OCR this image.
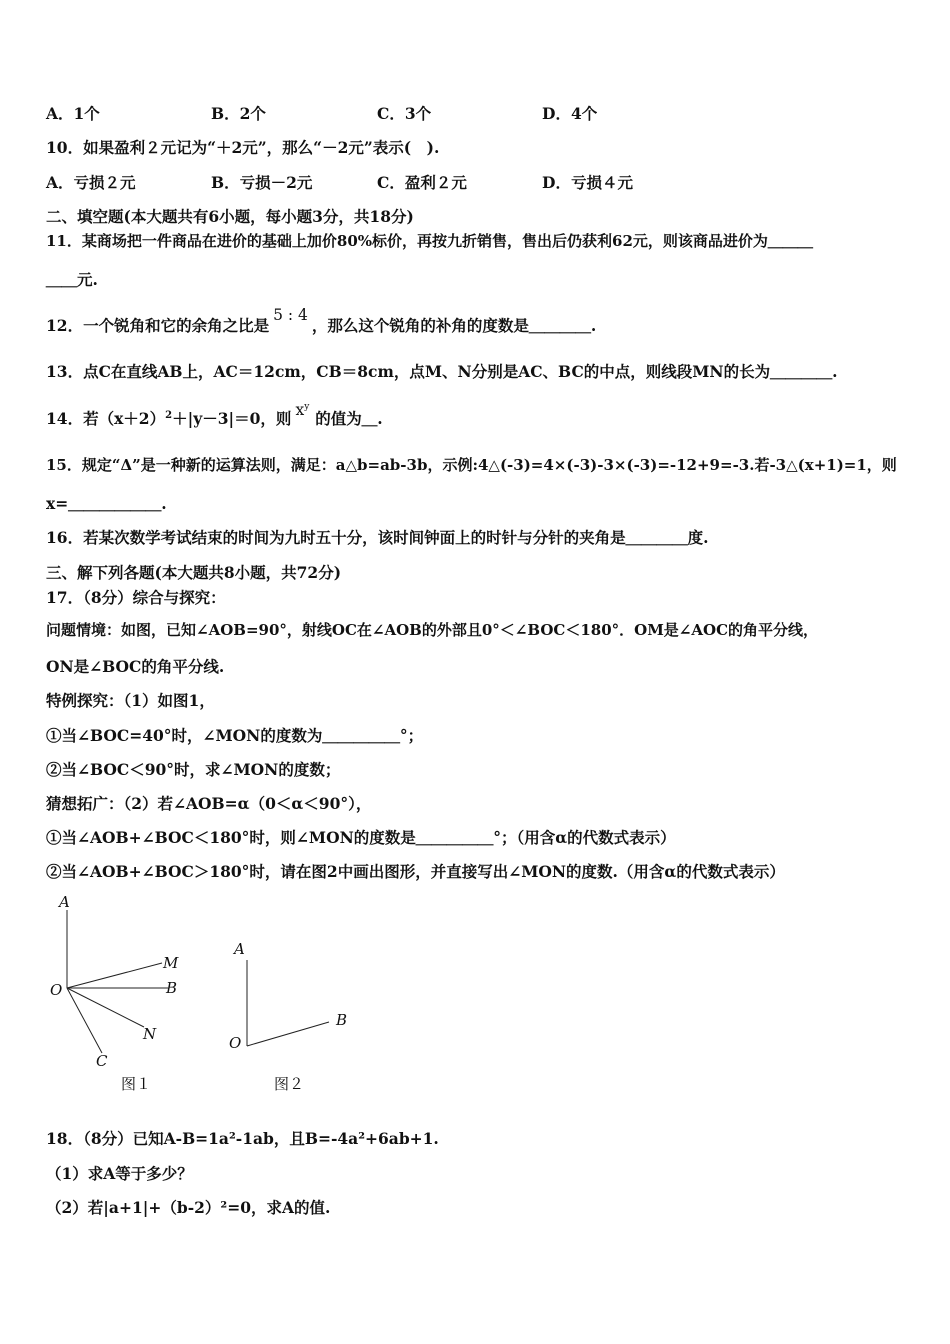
A．1个	B．2个	C．3个	D．4个
10．如果盈利２元记为“＋2元”，那么“－2元”表示(　).
A．亏损２元	B．亏损－2元	C．盈利２元	D．亏损４元
二、填空题(本大题共有6小题，每小题3分，共18分)
11．某商场把一件商品在进价的基础上加价80%标价，再按九折销售，售出后仍获利62元，则该商品进价为＿＿＿
＿＿元.
12．一个锐角和它的余角之比是5 : 4，那么这个锐角的补角的度数是＿＿＿＿.
13．点C在直线AB上，AC＝12cm，CB＝8cm，点M、N分别是AC、BC的中点，则线段MN的长为＿＿＿＿.
14．若$(x+2)^2+|y-3|=0$，则 $x^y$的值为＿.
15．规定“Δ”是一种新的运算法则，满足：a△b=ab-3b，示例:4△(-3)=4×(-3)-3×(-3)=-12+9=-3.若-3△(x+1)=1，则
x=＿＿＿＿＿＿.
16．若某次数学考试结束的时间为九时五十分，该时间钟面上的时针与分针的夹角是＿＿＿＿度.
三、解下列各题(本大题共8小题，共72分)
17．（8分）综合与探究：
问题情境：如图，已知∠AOB=90°，射线OC在∠AOB的外部且0°＜∠BOC＜180°．OM是∠AOC的角平分线，
ON是∠BOC的角平分线.
特例探究：（1）如图1，
①当∠BOC=40°时，∠MON的度数为＿＿＿＿＿°；
②当∠BOC＜90°时，求∠MON的度数；
猜想拓广：（2）若∠AOB=α（0＜α＜90°），
①当∠AOB+∠BOC＜180°时，则∠MON的度数是＿＿＿＿＿°；（用含α的代数式表示）
②当∠AOB+∠BOC＞180°时，请在图2中画出图形，并直接写出∠MON的度数.（用含α的代数式表示）
A
M
O	B
N
C
图１
A
O
B
图２
18．（8分）已知A-B=1a²-1ab，且B=-4a²+6ab+1.
（1）求A等于多少？
（2）若|a+1|+（b-2）²=0，求A的值.
